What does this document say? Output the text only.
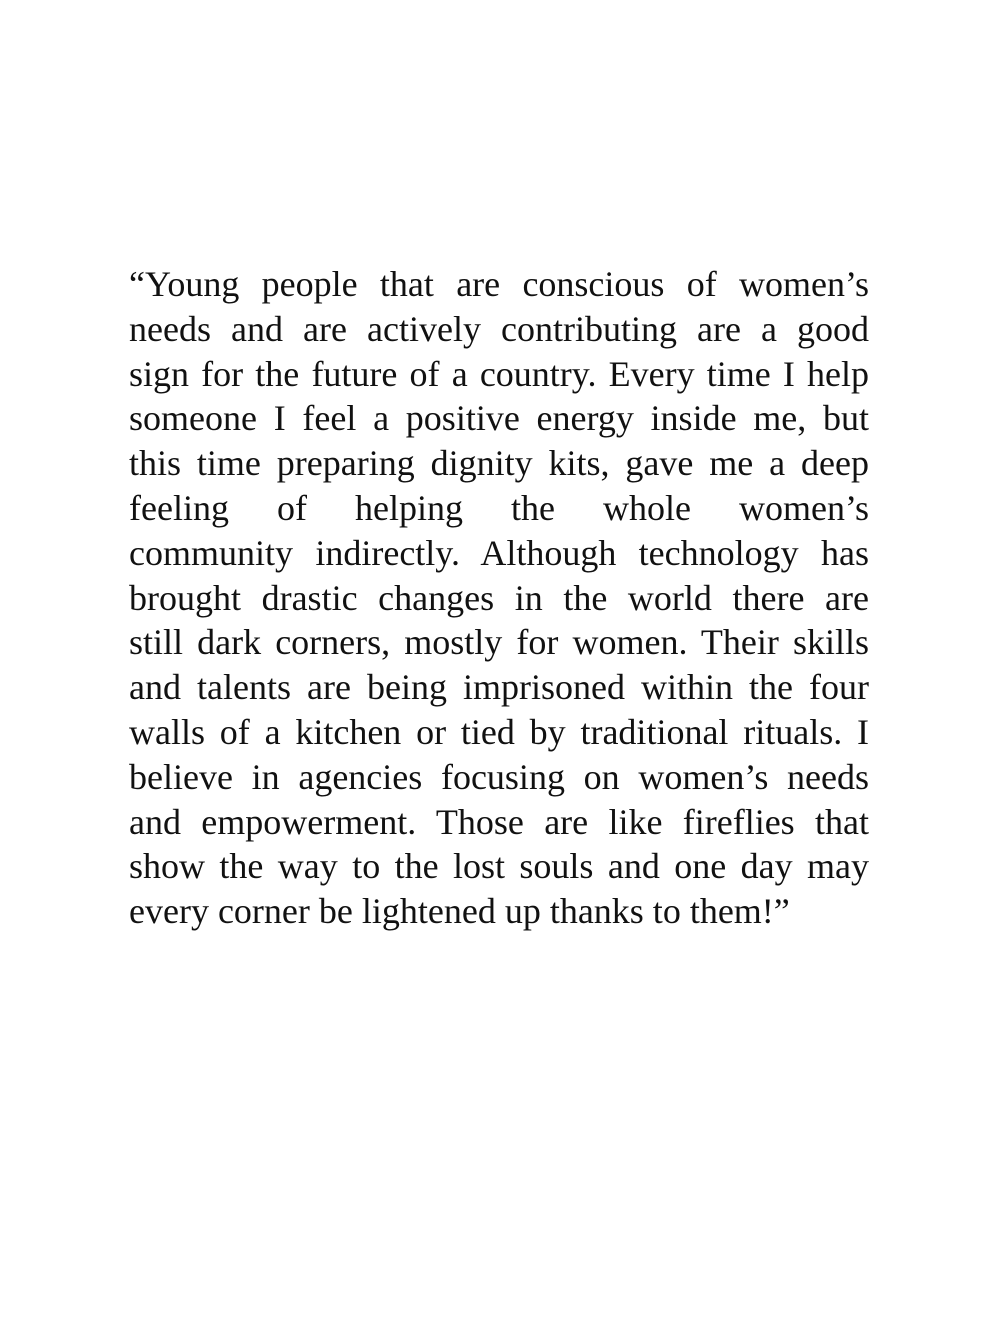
“Young people that are conscious of women’s
needs and are actively contributing are a good
sign for the future of a country. Every time I help
someone I feel a positive energy inside me, but
this time preparing dignity kits, gave me a deep
feeling of helping the whole women’s
community indirectly. Although technology has
brought drastic changes in the world there are
still dark corners, mostly for women. Their skills
and talents are being imprisoned within the four
walls of a kitchen or tied by traditional rituals. I
believe in agencies focusing on women’s needs
and empowerment. Those are like fireflies that
show the way to the lost souls and one day may
every corner be lightened up thanks to them!”
